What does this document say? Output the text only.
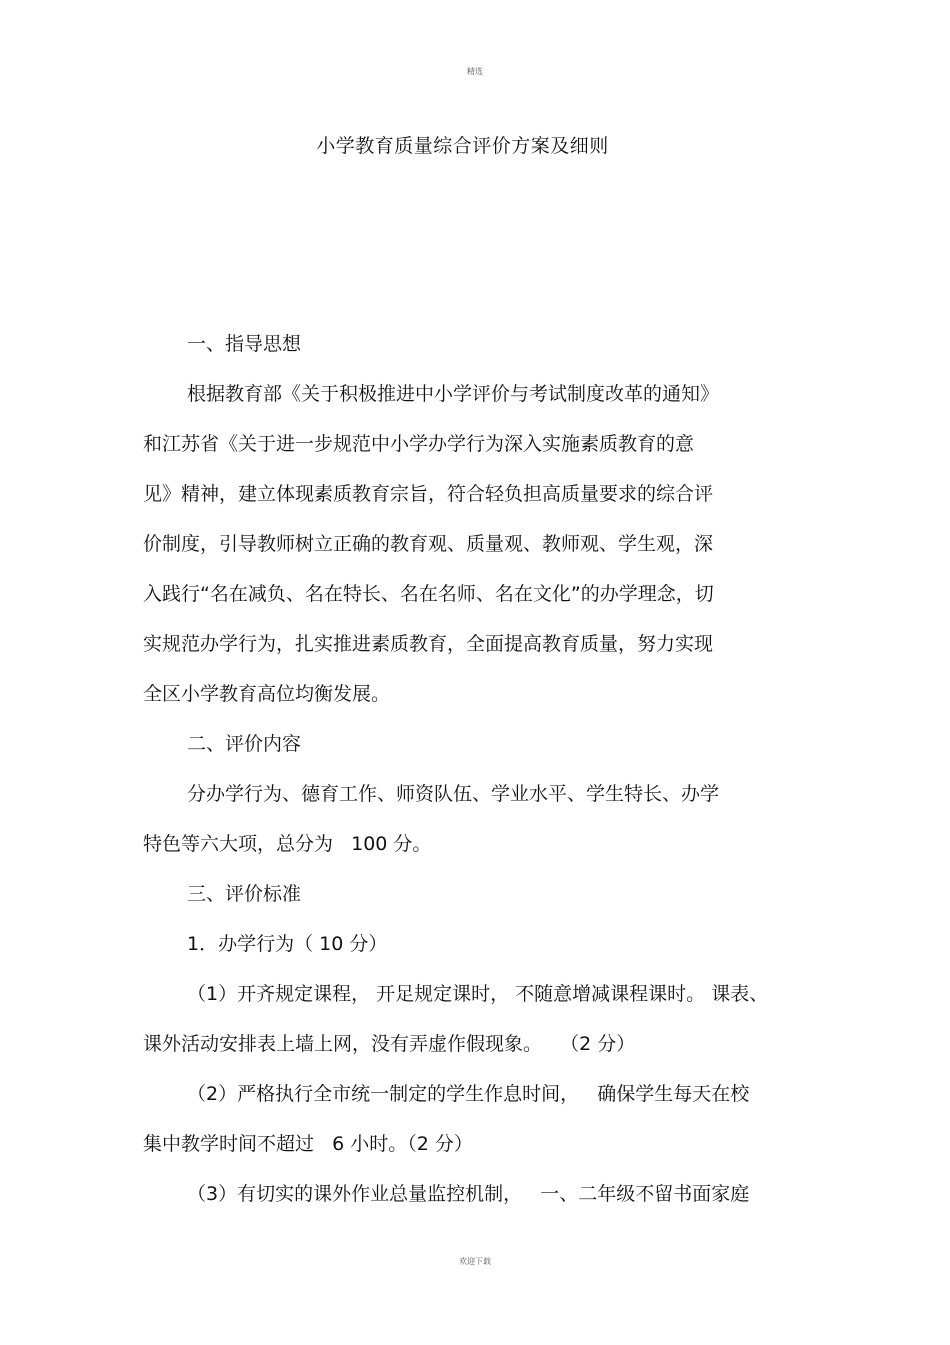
精选
小学教育质量综合评价方案及细则
一、指导思想
根据教育部《关于积极推进中小学评价与考试制度改革的通知》
和江苏省《关于进一步规范中小学办学行为深入实施素质教育的意
见》精神，建立体现素质教育宗旨，符合轻负担高质量要求的综合评
价制度，引导教师树立正确的教育观、质量观、教师观、学生观，深
入践行“名在减负、名在特长、名在名师、名在文化”的办学理念，切
实规范办学行为，扎实推进素质教育，全面提高教育质量，努力实现
全区小学教育高位均衡发展。
二、评价内容
分办学行为、德育工作、师资队伍、学业水平、学生特长、办学
特色等六大项，总分为   100 分。
三、评价标准
1．办学行为（ 10 分）
（1）开齐规定课程， 开足规定课时， 不随意增减课程课时。 课表、
课外活动安排表上墙上网，没有弄虚作假现象。   （2 分）
（2）严格执行全市统一制定的学生作息时间，   确保学生每天在校
集中教学时间不超过   6 小时。（2 分）
（3）有切实的课外作业总量监控机制，   一、二年级不留书面家庭
欢迎下载
